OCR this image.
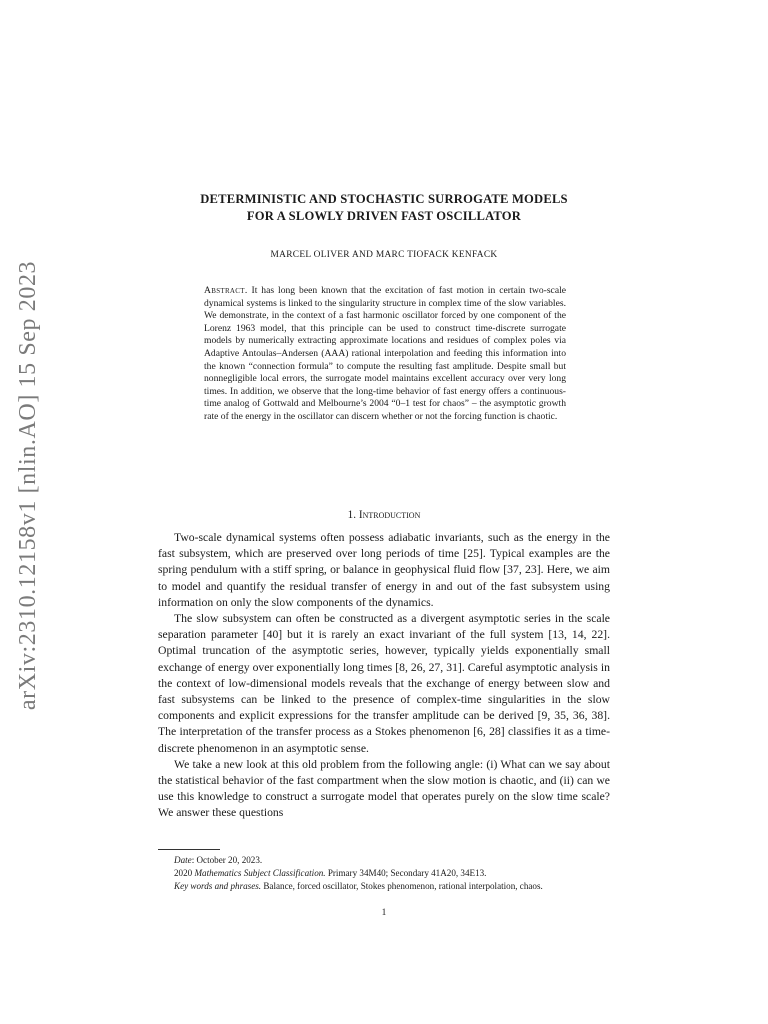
arXiv:2310.12158v1 [nlin.AO] 15 Sep 2023
DETERMINISTIC AND STOCHASTIC SURROGATE MODELS
FOR A SLOWLY DRIVEN FAST OSCILLATOR
MARCEL OLIVER AND MARC TIOFACK KENFACK
Abstract. It has long been known that the excitation of fast motion in certain two-scale dynamical systems is linked to the singularity structure in complex time of the slow variables. We demonstrate, in the context of a fast harmonic oscillator forced by one component of the Lorenz 1963 model, that this principle can be used to construct time-discrete surrogate models by numerically extracting approximate locations and residues of complex poles via Adaptive Antoulas–Andersen (AAA) rational interpolation and feeding this information into the known “connection formula” to compute the resulting fast amplitude. Despite small but nonnegligible local errors, the surrogate model maintains excellent accuracy over very long times. In addition, we observe that the long-time behavior of fast energy offers a continuous-time analog of Gottwald and Melbourne’s 2004 “0–1 test for chaos” – the asymptotic growth rate of the energy in the oscillator can discern whether or not the forcing function is chaotic.
1. Introduction

Two-scale dynamical systems often possess adiabatic invariants, such as the energy in the fast subsystem, which are preserved over long periods of time [25]. Typical examples are the spring pendulum with a stiff spring, or balance in geophysical fluid flow [37, 23]. Here, we aim to model and quantify the residual transfer of energy in and out of the fast subsystem using information on only the slow components of the dynamics.

The slow subsystem can often be constructed as a divergent asymptotic series in the scale separation parameter [40] but it is rarely an exact invariant of the full system [13, 14, 22]. Optimal truncation of the asymptotic series, however, typically yields exponentially small exchange of energy over exponentially long times [8, 26, 27, 31]. Careful asymptotic analysis in the context of low-dimensional models reveals that the exchange of energy between slow and fast subsystems can be linked to the presence of complex-time singularities in the slow components and explicit expressions for the transfer amplitude can be derived [9, 35, 36, 38]. The interpretation of the transfer process as a Stokes phenomenon [6, 28] classifies it as a time-discrete phenomenon in an asymptotic sense.

We take a new look at this old problem from the following angle: (i) What can we say about the statistical behavior of the fast compartment when the slow motion is chaotic, and (ii) can we use this knowledge to construct a surrogate model that operates purely on the slow time scale? We answer these questions

Date: October 20, 2023.

2020 Mathematics Subject Classification. Primary 34M40; Secondary 41A20, 34E13.

Key words and phrases. Balance, forced oscillator, Stokes phenomenon, rational interpolation, chaos.

1
